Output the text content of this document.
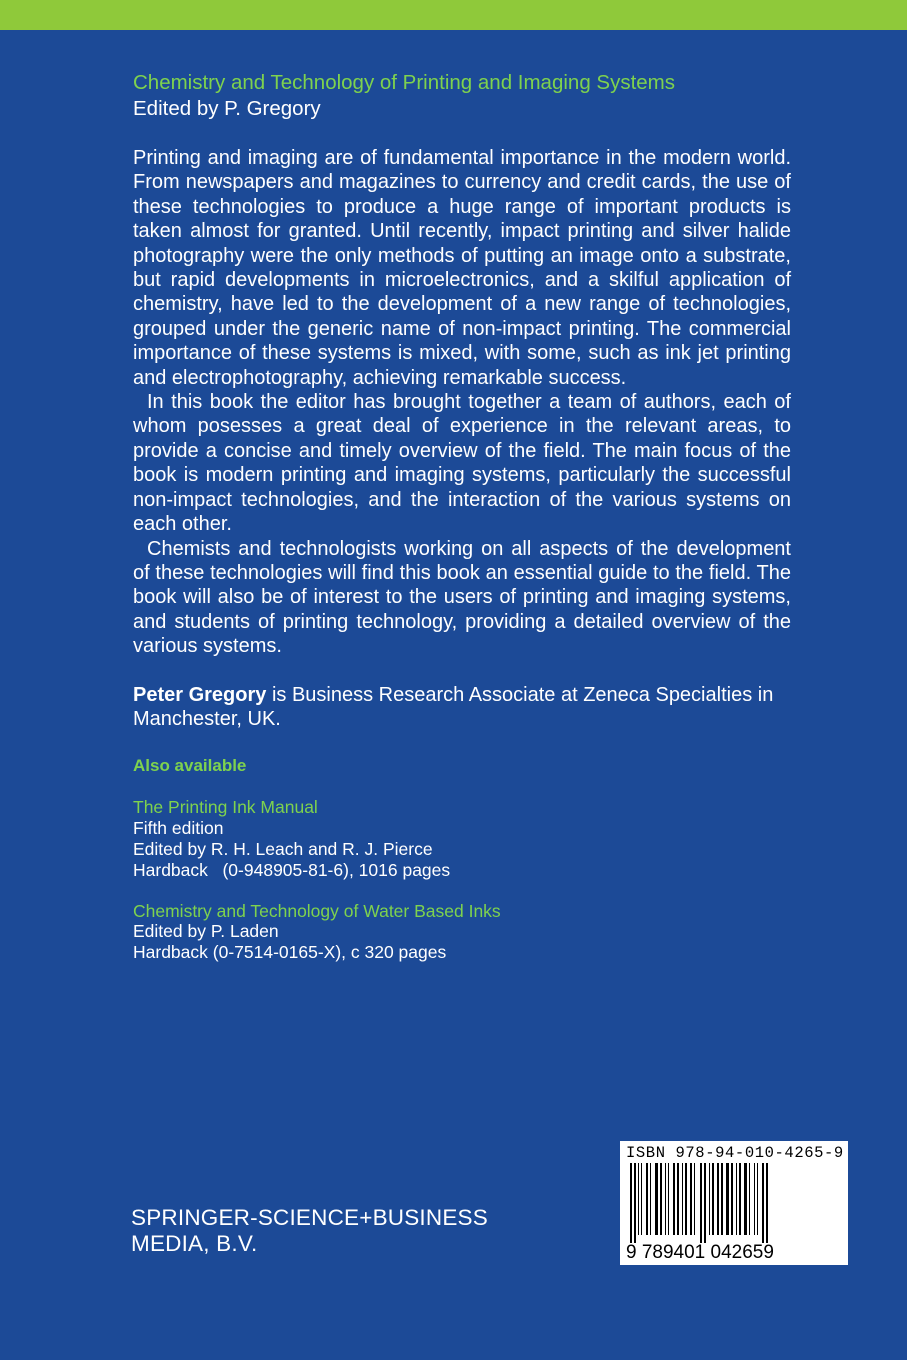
Chemistry and Technology of Printing and Imaging Systems

Edited by P. Gregory

Printing and imaging are of fundamental importance in the modern world. From newspapers and magazines to currency and credit cards, the use of these technologies to produce a huge range of important products is taken almost for granted. Until recently, impact printing and silver halide photography were the only methods of putting an image onto a substrate, but rapid developments in microelectronics, and a skilful application of chemistry, have led to the development of a new range of technologies, grouped under the generic name of non-impact printing. The commercial importance of these systems is mixed, with some, such as ink jet printing and electrophotography, achieving remarkable success.

In this book the editor has brought together a team of authors, each of whom posesses a great deal of experience in the relevant areas, to provide a concise and timely overview of the field. The main focus of the book is modern printing and imaging systems, particularly the successful non-impact technologies, and the interaction of the various systems on each other.

Chemists and technologists working on all aspects of the development of these technologies will find this book an essential guide to the field. The book will also be of interest to the users of printing and imaging systems, and students of printing technology, providing a detailed overview of the various systems.

Peter Gregory is Business Research Associate at Zeneca Specialties in Manchester, UK.
Also available
The Printing Ink Manual
Fifth edition
Edited by R. H. Leach and R. J. Pierce
Hardback   (0-948905-81-6), 1016 pages
Chemistry and Technology of Water Based Inks
Edited by P. Laden
Hardback (0-7514-0165-X), c 320 pages
SPRINGER-SCIENCE+BUSINESS
MEDIA, B.V.
ISBN 978-94-010-4265-9
9 789401 042659
